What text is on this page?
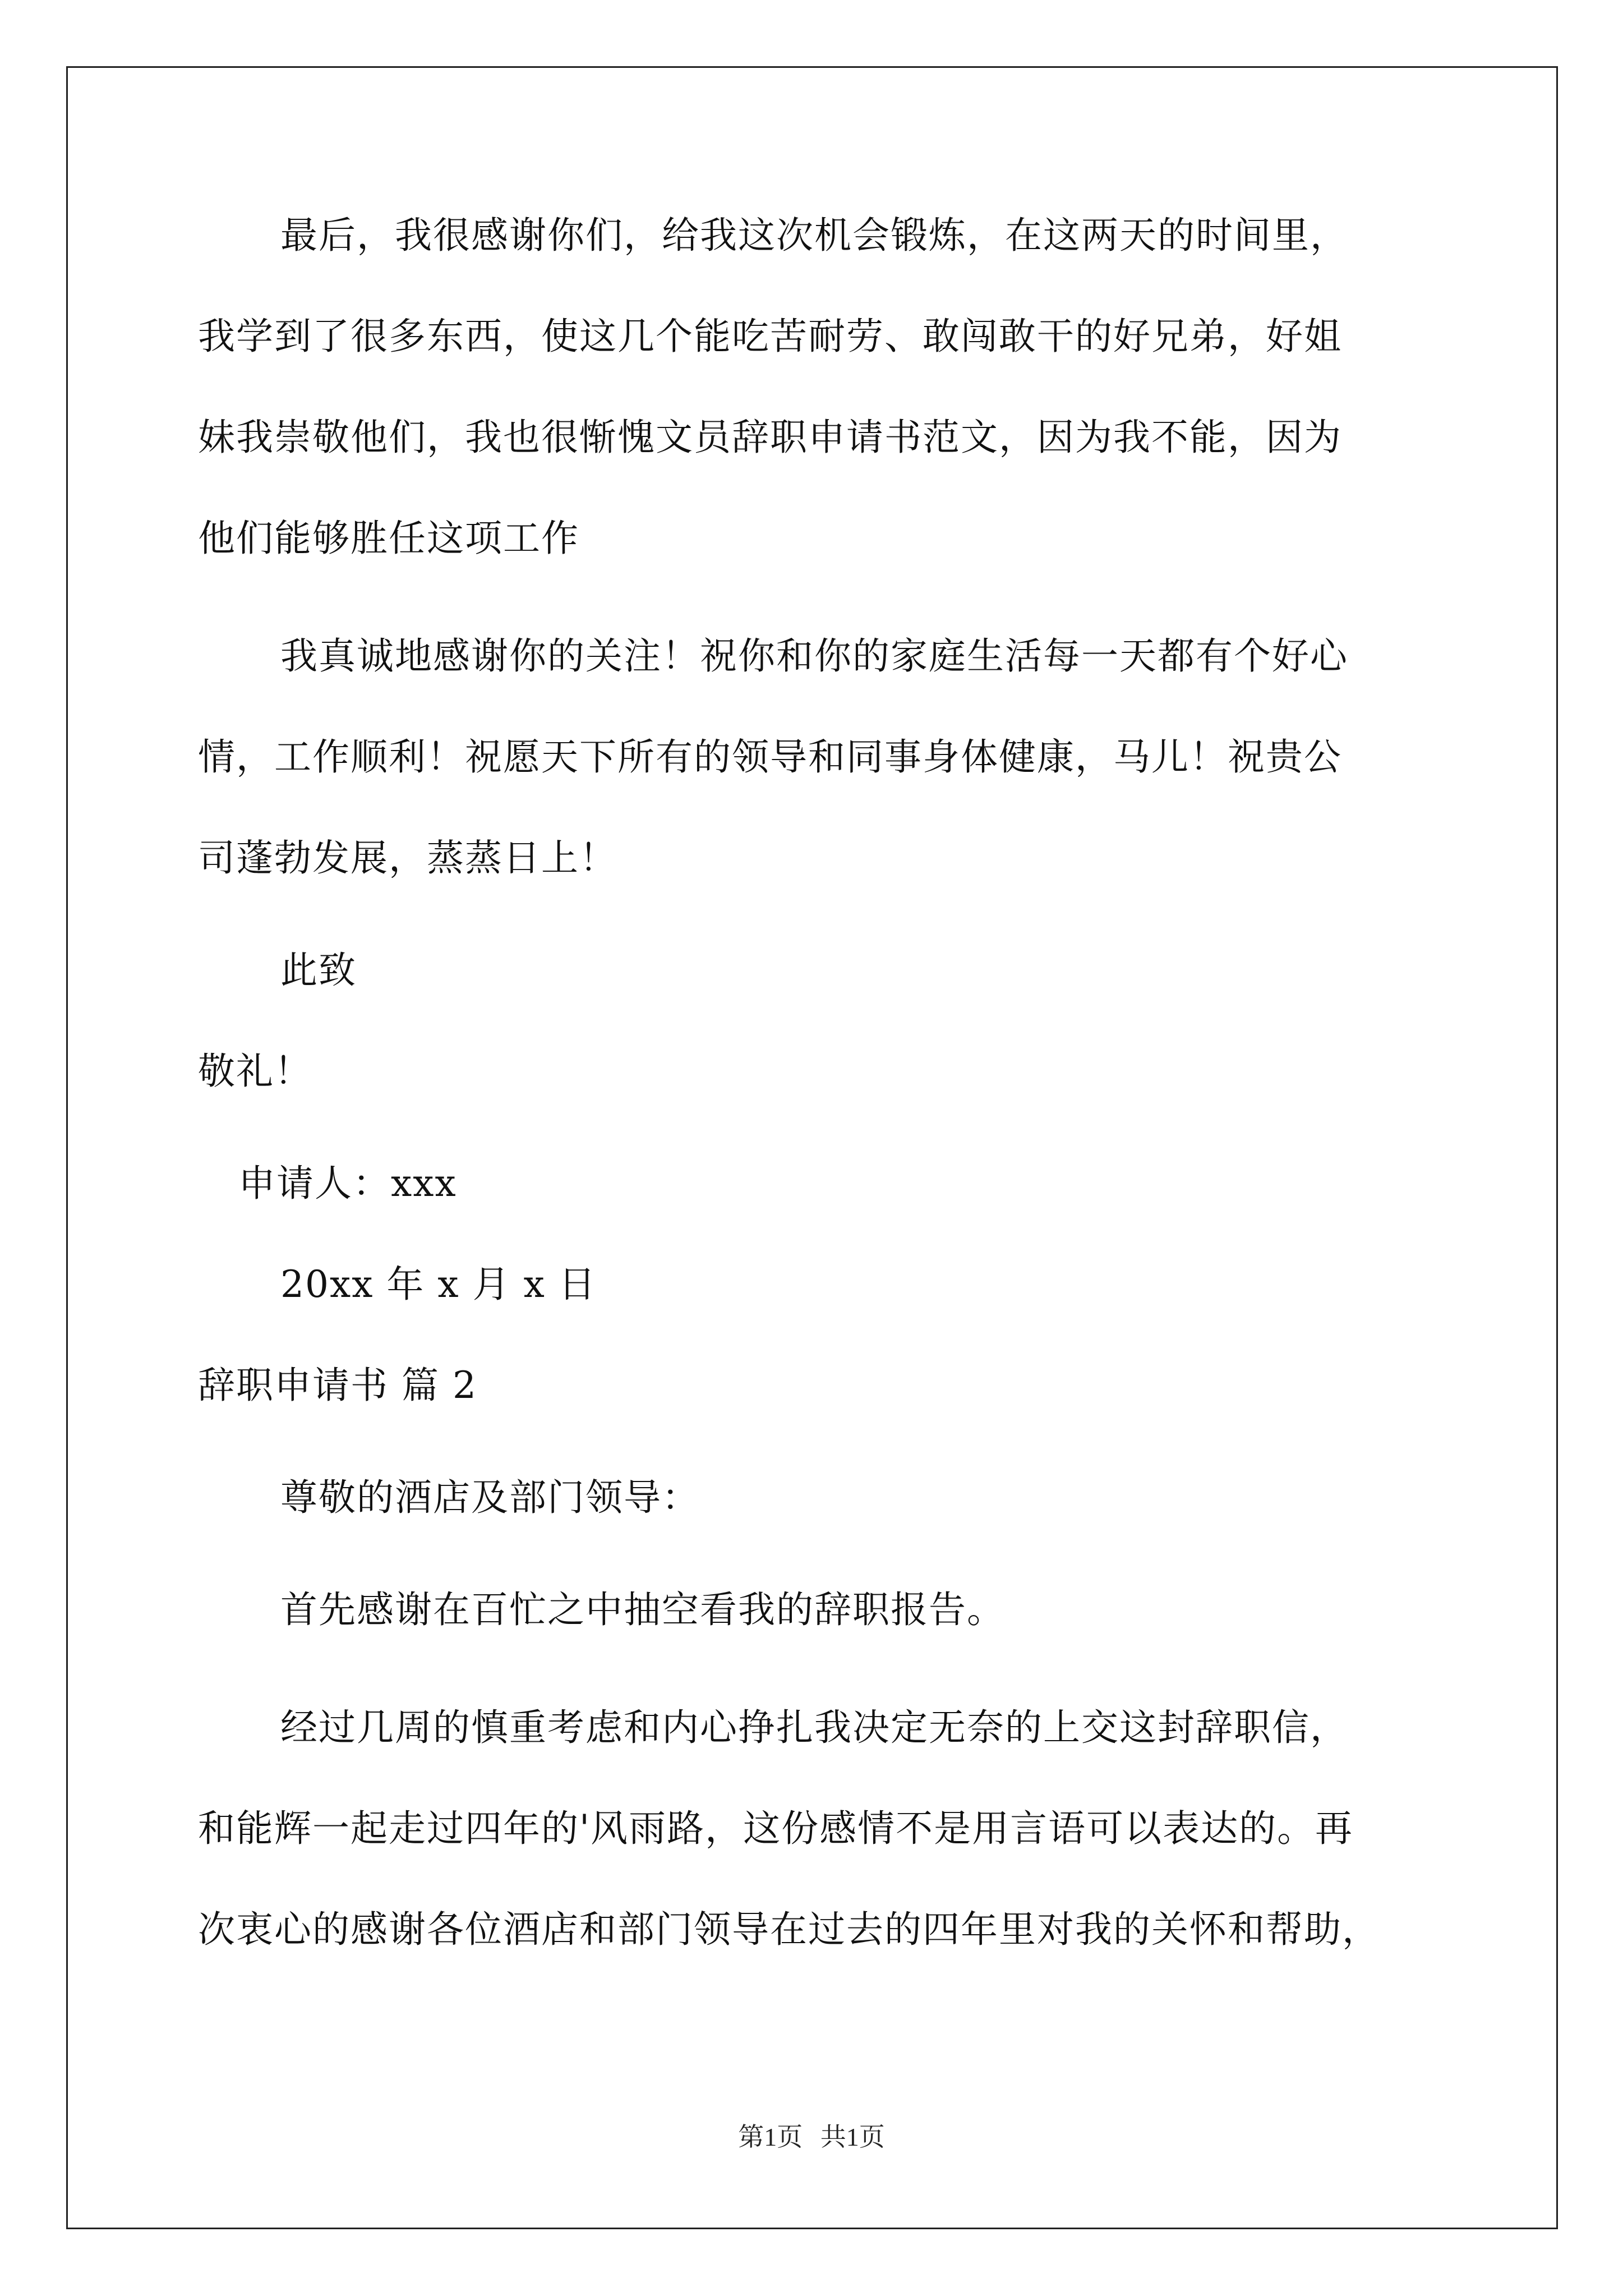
最后，我很感谢你们，给我这次机会锻炼，在这两天的时间里，
我学到了很多东西，使这几个能吃苦耐劳、敢闯敢干的好兄弟，好姐
妹我崇敬他们，我也很惭愧文员辞职申请书范文，因为我不能，因为
他们能够胜任这项工作
我真诚地感谢你的关注！祝你和你的家庭生活每一天都有个好心
情，工作顺利！祝愿天下所有的领导和同事身体健康，马儿！祝贵公
司蓬勃发展，蒸蒸日上！
此致
敬礼！
申请人：xxx
20xx 年 x 月 x 日
辞职申请书 篇 2
尊敬的酒店及部门领导：
首先感谢在百忙之中抽空看我的辞职报告。
经过几周的慎重考虑和内心挣扎我决定无奈的上交这封辞职信，
和能辉一起走过四年的'风雨路，这份感情不是用言语可以表达的。再
次衷心的感谢各位酒店和部门领导在过去的四年里对我的关怀和帮助，
第1页 共1页
